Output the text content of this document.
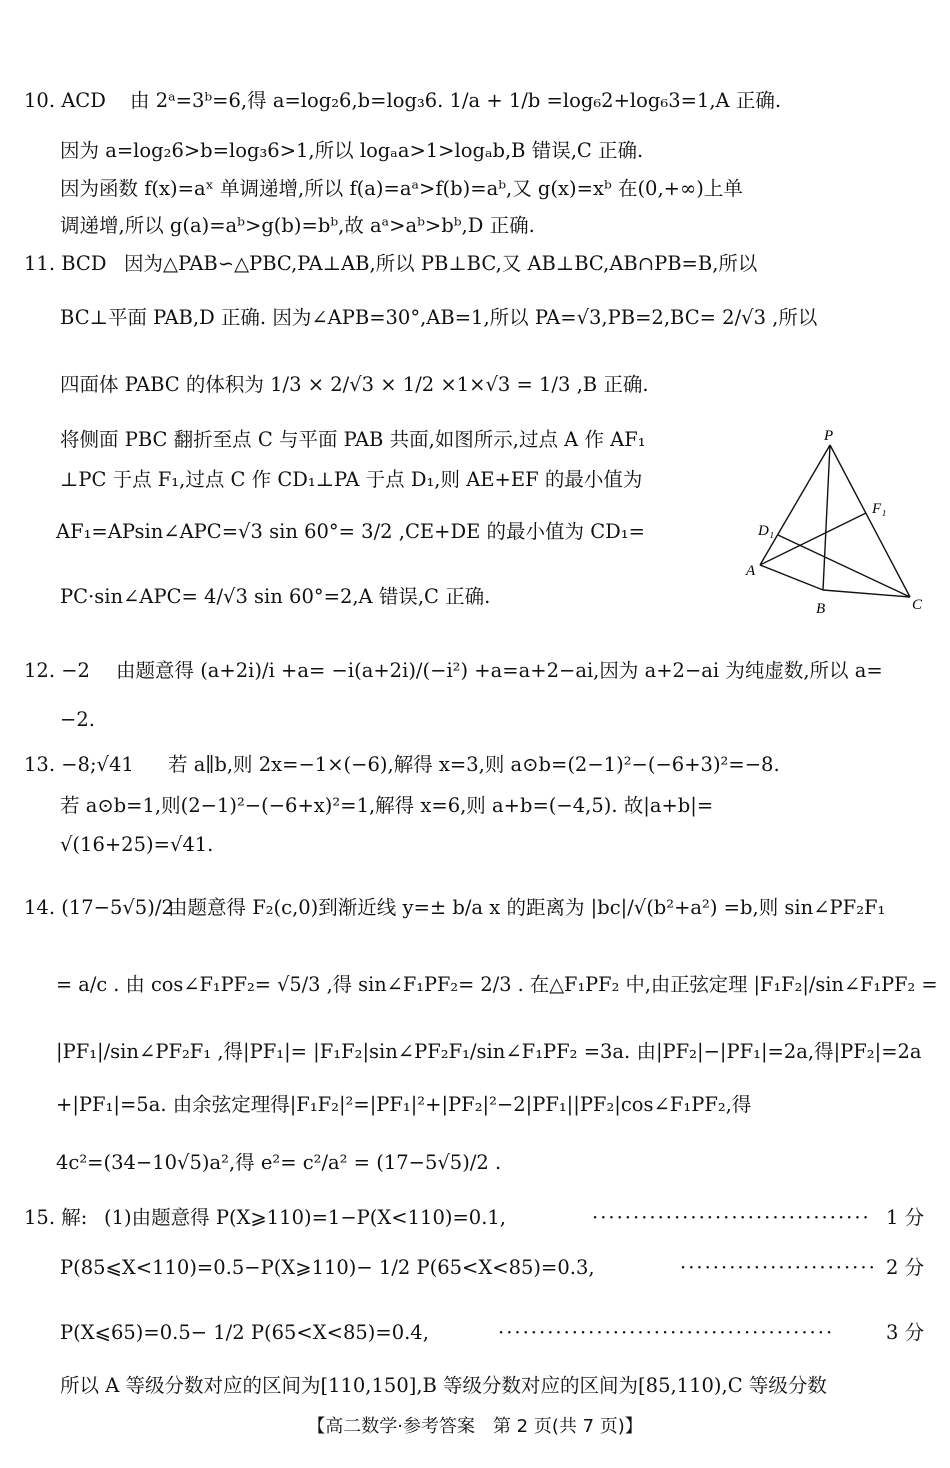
10. ACD 由 2ᵃ=3ᵇ=6,得 a=log₂6,b=log₃6. 1/a + 1/b =log₆2+log₆3=1,A 正确.
因为 a=log₂6>b=log₃6>1,所以 logₐa>1>logₐb,B 错误,C 正确.
因为函数 f(x)=aˣ 单调递增,所以 f(a)=aᵃ>f(b)=aᵇ,又 g(x)=xᵇ 在(0,+∞)上单
调递增,所以 g(a)=aᵇ>g(b)=bᵇ,故 aᵃ>aᵇ>bᵇ,D 正确.
11. BCD 因为△PAB∽△PBC,PA⊥AB,所以 PB⊥BC,又 AB⊥BC,AB∩PB=B,所以
BC⊥平面 PAB,D 正确. 因为∠APB=30°,AB=1,所以 PA=√3,PB=2,BC= 2/√3 ,所以
四面体 PABC 的体积为 1/3 × 2/√3 × 1/2 ×1×√3 = 1/3 ,B 正确.
将侧面 PBC 翻折至点 C 与平面 PAB 共面,如图所示,过点 A 作 AF₁
⊥PC 于点 F₁,过点 C 作 CD₁⊥PA 于点 D₁,则 AE+EF 的最小值为
AF₁=APsin∠APC=√3 sin 60°= 3/2 ,CE+DE 的最小值为 CD₁=
PC·sin∠APC= 4/√3 sin 60°=2,A 错误,C 正确.
P
F₁
D₁
A
B	C
12. −2 由题意得 (a+2i)/i +a= −i(a+2i)/(−i²) +a=a+2−ai,因为 a+2−ai 为纯虚数,所以 a=
−2.
13. −8;√41 若 a∥b,则 2x=−1×(−6),解得 x=3,则 a⊙b=(2−1)²−(−6+3)²=−8.
若 a⊙b=1,则(2−1)²−(−6+x)²=1,解得 x=6,则 a+b=(−4,5). 故|a+b|=
√(16+25)=√41.
14. (17−5√5)/2
由题意得 F₂(c,0)到渐近线 y=± b/a x 的距离为 |bc|/√(b²+a²) =b,则 sin∠PF₂F₁
= a/c . 由 cos∠F₁PF₂= √5/3 ,得 sin∠F₁PF₂= 2/3 . 在△F₁PF₂ 中,由正弦定理 |F₁F₂|/sin∠F₁PF₂ =
|PF₁|/sin∠PF₂F₁ ,得|PF₁|= |F₁F₂|sin∠PF₂F₁/sin∠F₁PF₂ =3a. 由|PF₂|−|PF₁|=2a,得|PF₂|=2a
+|PF₁|=5a. 由余弦定理得|F₁F₂|²=|PF₁|²+|PF₂|²−2|PF₁||PF₂|cos∠F₁PF₂,得
4c²=(34−10√5)a²,得 e²= c²/a² = (17−5√5)/2 .
15. 解: (1)由题意得 P(X⩾110)=1−P(X<110)=0.1,	·································· 1 分
P(85⩽X<110)=0.5−P(X⩾110)− 1/2 P(65<X<85)=0.3,	························ 2 分
P(X⩽65)=0.5− 1/2 P(65<X<85)=0.4,	·········································	3 分
所以 A 等级分数对应的区间为[110,150],B 等级分数对应的区间为[85,110),C 等级分数
【高二数学·参考答案　第 2 页(共 7 页)】
